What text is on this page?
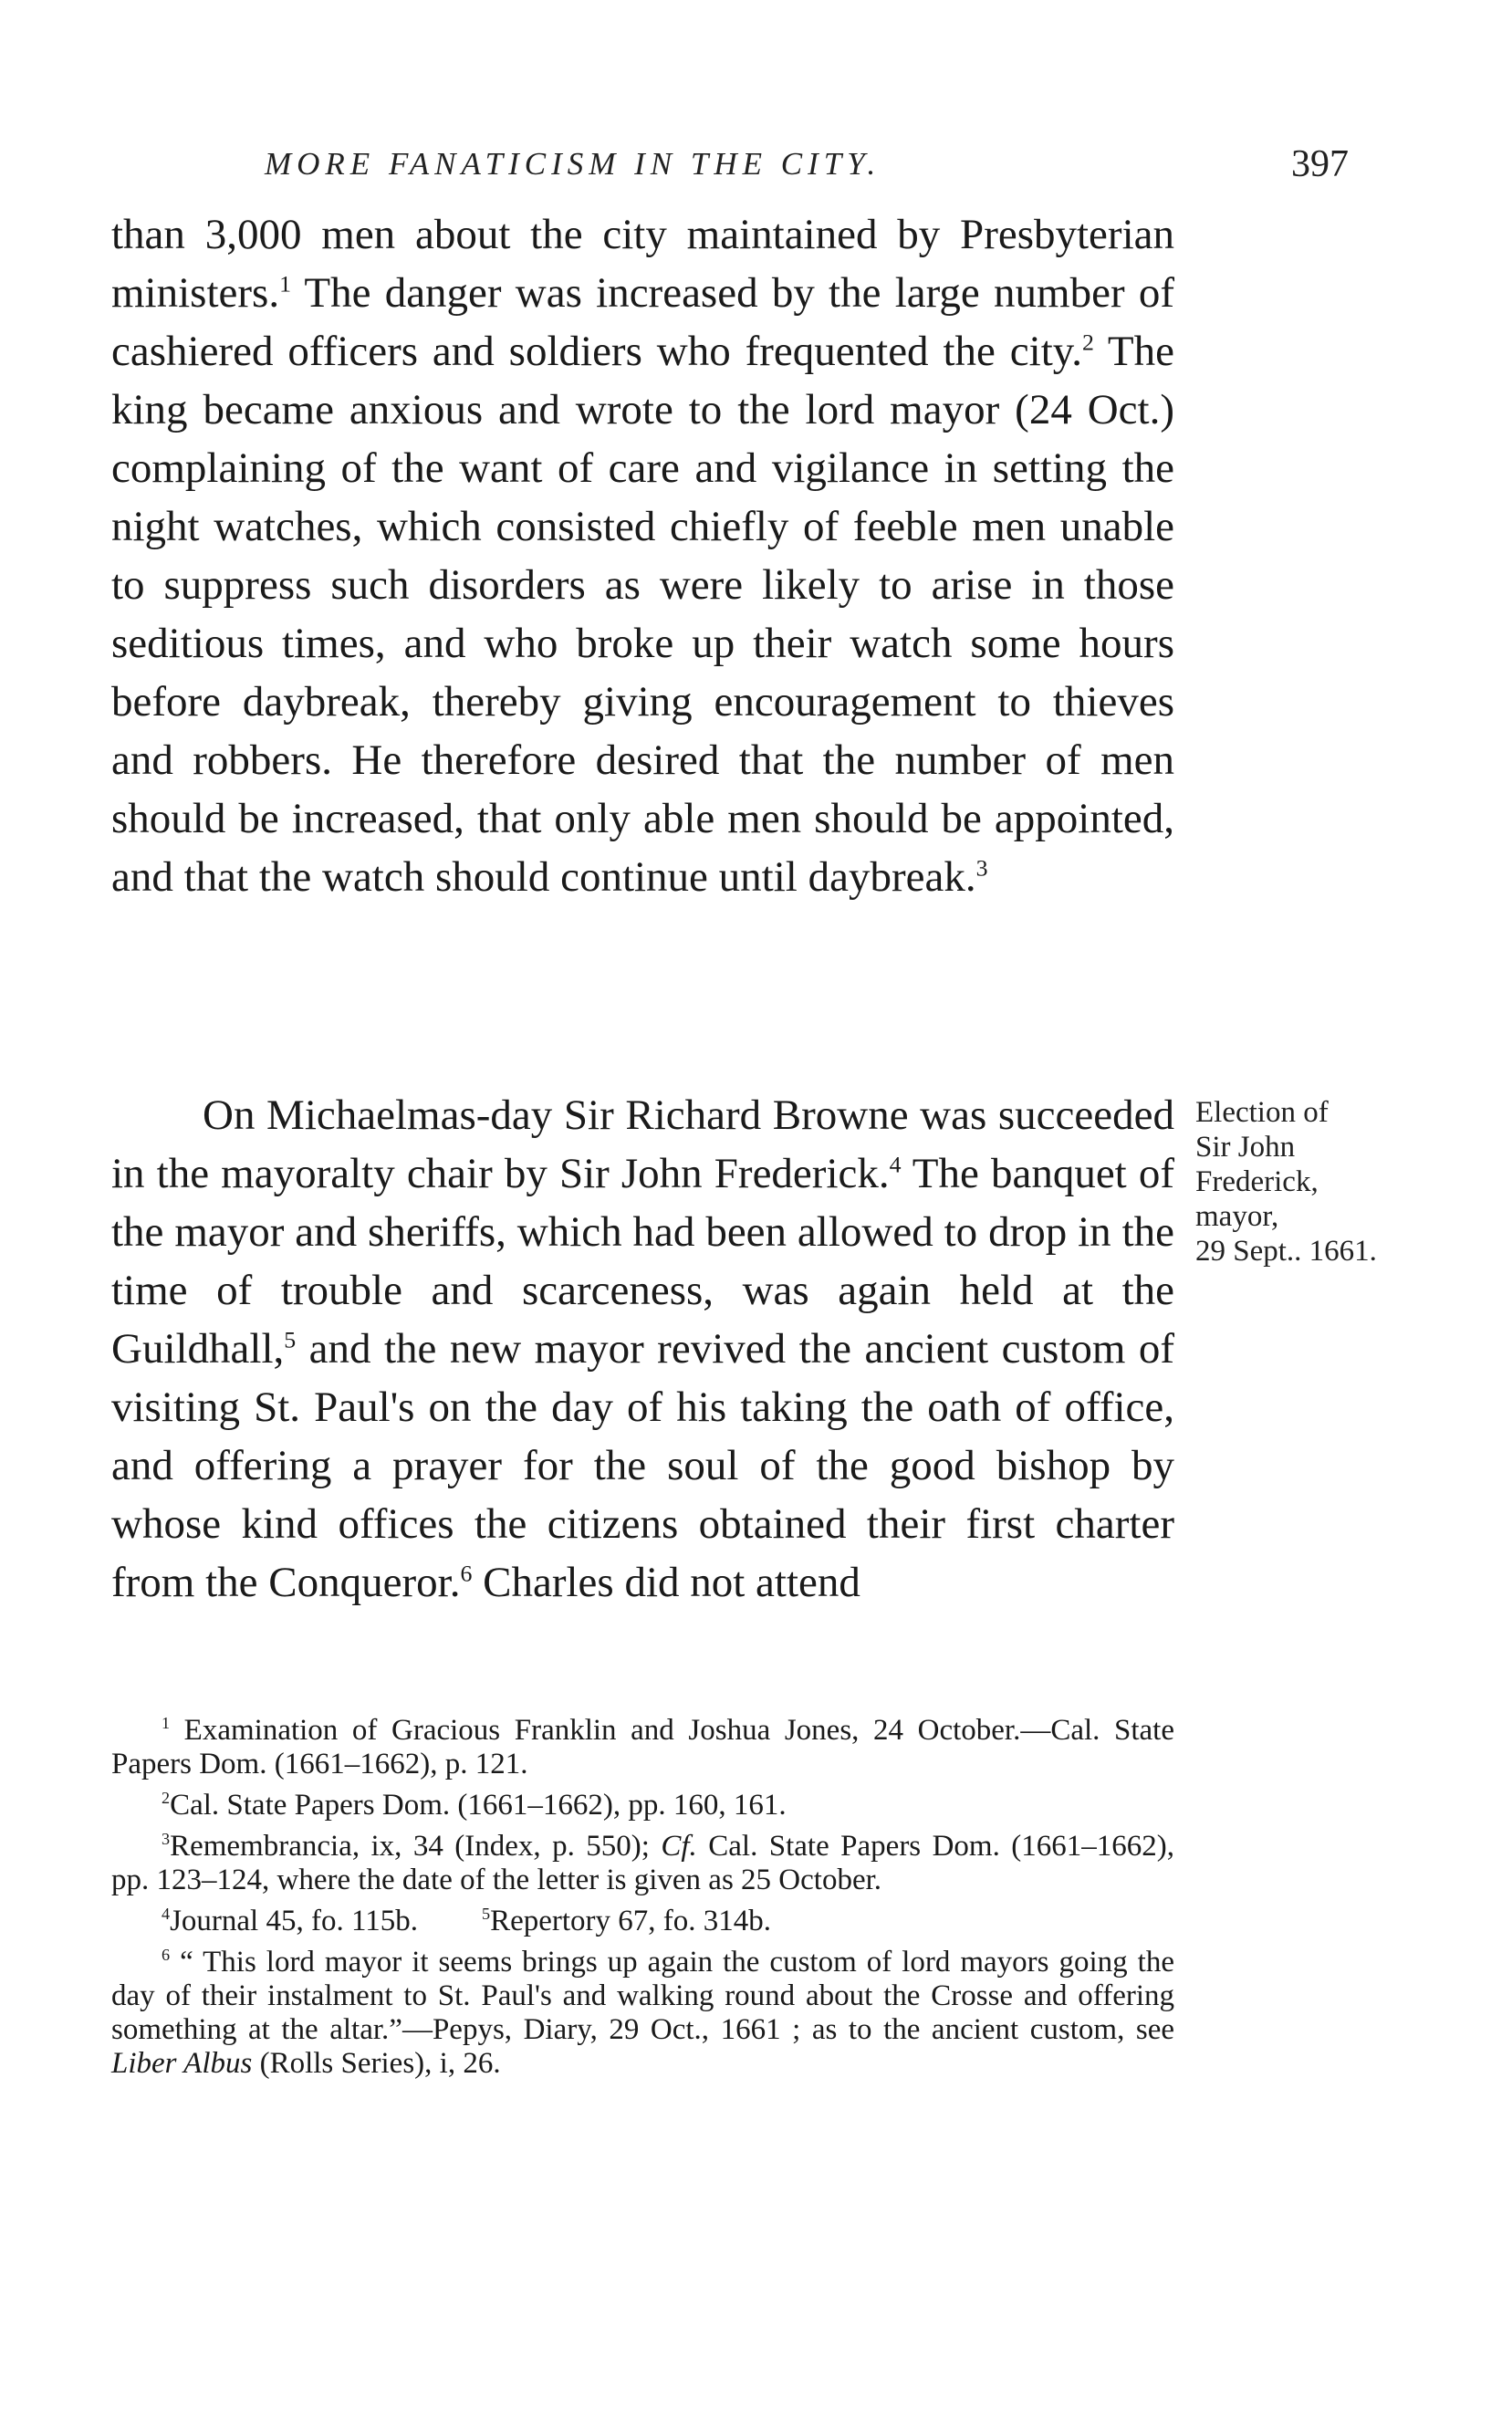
MORE FANATICISM IN THE CITY.	397
than 3,000 men about the city maintained by Presbyterian ministers.$^1$ The danger was increased by the large number of cashiered officers and soldiers who frequented the city.$^2$ The king became anxious and wrote to the lord mayor (24 Oct.) complaining of the want of care and vigilance in setting the night watches, which consisted chiefly of feeble men unable to suppress such disorders as were likely to arise in those seditious times, and who broke up their watch some hours before daybreak, thereby giving encouragement to thieves and robbers. He therefore desired that the number of men should be increased, that only able men should be appointed, and that the watch should continue until daybreak.$^3$
On Michaelmas-day Sir Richard Browne was succeeded in the mayoralty chair by Sir John Frederick.$^4$ The banquet of the mayor and sheriffs, which had been allowed to drop in the time of trouble and scarceness, was again held at the Guildhall,$^5$ and the new mayor revived the ancient custom of visiting St. Paul's on the day of his taking the oath of office, and offering a prayer for the soul of the good bishop by whose kind offices the citizens obtained their first charter from the Conqueror.$^6$ Charles did not attend
Election of
Sir John
Frederick,
mayor,
29 Sept.. 1661.

$^1$ Examination of Gracious Franklin and Joshua Jones, 24 October.—Cal. State Papers Dom. (1661–1662), p. 121.

$^2$Cal. State Papers Dom. (1661–1662), pp. 160, 161.

$^3$Remembrancia, ix, 34 (Index, p. 550); Cf. Cal. State Papers Dom. (1661–1662), pp. 123–124, where the date of the letter is given as 25 October.

$^4$Journal 45, fo. 115b.	$^5$Repertory 67, fo. 314b.

$^6$ “ This lord mayor it seems brings up again the custom of lord mayors going the day of their instalment to St. Paul's and walking round about the Crosse and offering something at the altar.”—Pepys, Diary, 29 Oct., 1661 ; as to the ancient custom, see Liber Albus (Rolls Series), i, 26.
